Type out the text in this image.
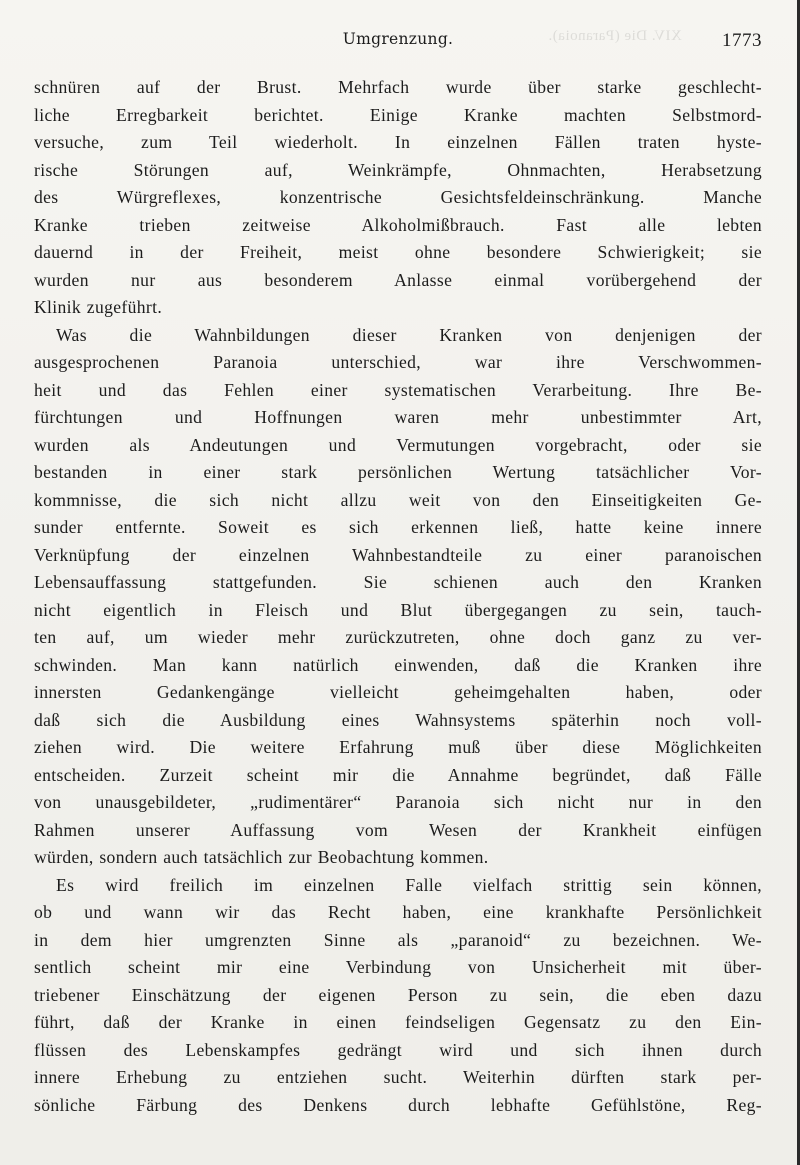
XIV. Die (Paranoia).
Umgrenzung.	1773
schnüren auf der Brust. Mehrfach wurde über starke geschlecht-
liche Erregbarkeit berichtet. Einige Kranke machten Selbstmord-
versuche, zum Teil wiederholt. In einzelnen Fällen traten hyste-
rische Störungen auf, Weinkrämpfe, Ohnmachten, Herabsetzung
des Würgreflexes, konzentrische Gesichtsfeldeinschränkung. Manche
Kranke trieben zeitweise Alkoholmißbrauch. Fast alle lebten
dauernd in der Freiheit, meist ohne besondere Schwierigkeit; sie
wurden nur aus besonderem Anlasse einmal vorübergehend der
Klinik zugeführt.
Was die Wahnbildungen dieser Kranken von denjenigen der
ausgesprochenen Paranoia unterschied, war ihre Verschwommen-
heit und das Fehlen einer systematischen Verarbeitung. Ihre Be-
fürchtungen und Hoffnungen waren mehr unbestimmter Art,
wurden als Andeutungen und Vermutungen vorgebracht, oder sie
bestanden in einer stark persönlichen Wertung tatsächlicher Vor-
kommnisse, die sich nicht allzu weit von den Einseitigkeiten Ge-
sunder entfernte. Soweit es sich erkennen ließ, hatte keine innere
Verknüpfung der einzelnen Wahnbestandteile zu einer paranoischen
Lebensauffassung stattgefunden. Sie schienen auch den Kranken
nicht eigentlich in Fleisch und Blut übergegangen zu sein, tauch-
ten auf, um wieder mehr zurückzutreten, ohne doch ganz zu ver-
schwinden. Man kann natürlich einwenden, daß die Kranken ihre
innersten Gedankengänge vielleicht geheimgehalten haben, oder
daß sich die Ausbildung eines Wahnsystems späterhin noch voll-
ziehen wird. Die weitere Erfahrung muß über diese Möglichkeiten
entscheiden. Zurzeit scheint mir die Annahme begründet, daß Fälle
von unausgebildeter, „rudimentärer“ Paranoia sich nicht nur in den
Rahmen unserer Auffassung vom Wesen der Krankheit einfügen
würden, sondern auch tatsächlich zur Beobachtung kommen.
Es wird freilich im einzelnen Falle vielfach strittig sein können,
ob und wann wir das Recht haben, eine krankhafte Persönlichkeit
in dem hier umgrenzten Sinne als „paranoid“ zu bezeichnen. We-
sentlich scheint mir eine Verbindung von Unsicherheit mit über-
triebener Einschätzung der eigenen Person zu sein, die eben dazu
führt, daß der Kranke in einen feindseligen Gegensatz zu den Ein-
flüssen des Lebenskampfes gedrängt wird und sich ihnen durch
innere Erhebung zu entziehen sucht. Weiterhin dürften stark per-
sönliche Färbung des Denkens durch lebhafte Gefühlstöne, Reg-
